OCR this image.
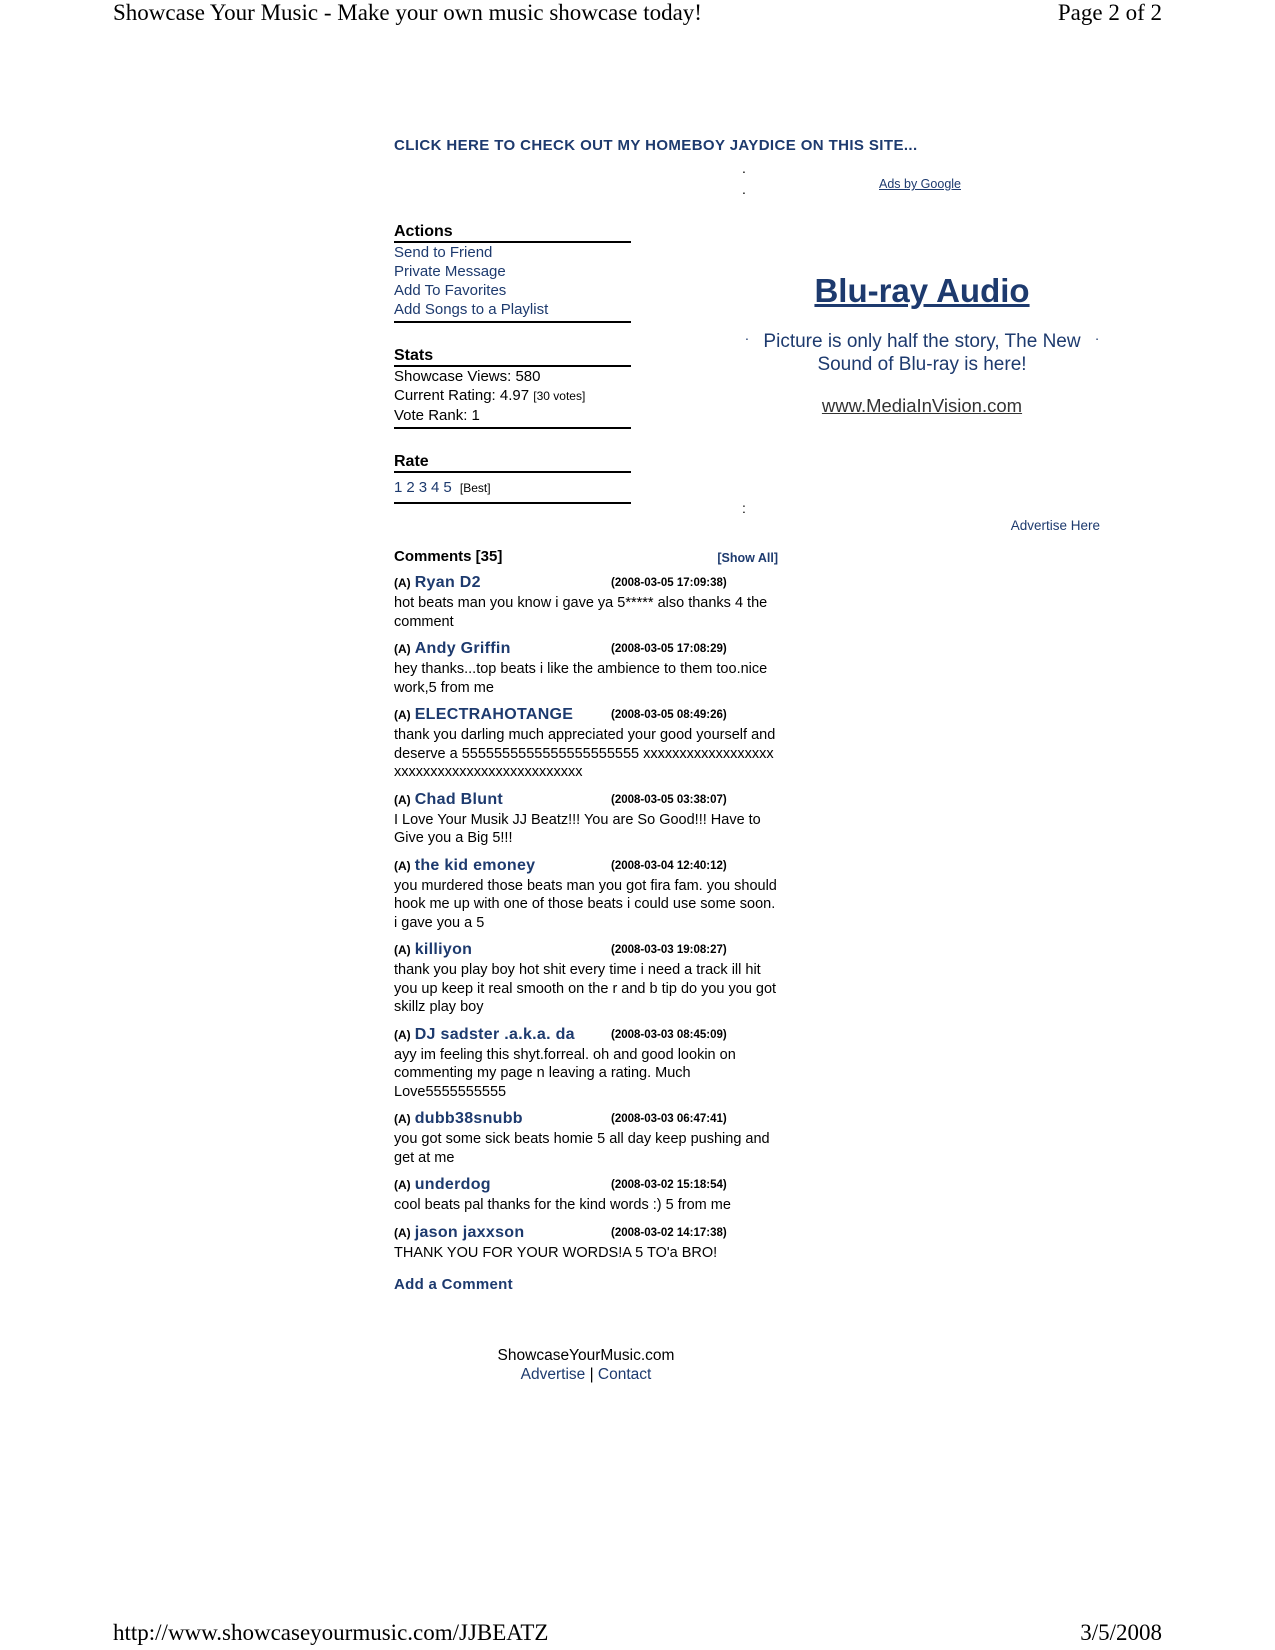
Showcase Your Music - Make your own music showcase today!	Page 2 of 2
CLICK HERE TO CHECK OUT MY HOMEBOY JAYDICE ON THIS SITE...
.
.	Ads by Google
Actions
Send to Friend
Private Message
Add To Favorites
Add Songs to a Playlist
Stats
Showcase Views: 580
Current Rating: 4.97 [30 votes]
Vote Rank: 1
Rate
1 2 3 4 5 [Best]
Blu-ray Audio
. Picture is only half the story, The New Sound of Blu-ray is here!
.
www.MediaInVision.com
:
Advertise Here
Comments [35]	[Show All]
(A) Ryan D2	(2008-03-05 17:09:38)
hot beats man you know i gave ya 5***** also thanks 4 the comment
(A) Andy Griffin	(2008-03-05 17:08:29)
hey thanks...top beats i like the ambience to them too.nice work,5 from me
(A) ELECTRAHOTANGE	(2008-03-05 08:49:26)
thank you darling much appreciated your good yourself and deserve a 5555555555555555555555 xxxxxxxxxxxxxxxxxx xxxxxxxxxxxxxxxxxxxxxxxxxx
(A) Chad Blunt	(2008-03-05 03:38:07)
I Love Your Musik JJ Beatz!!! You are So Good!!! Have to Give you a Big 5!!!
(A) the kid emoney	(2008-03-04 12:40:12)
you murdered those beats man you got fira fam. you should hook me up with one of those beats i could use some soon. i gave you a 5
(A) killiyon	(2008-03-03 19:08:27)
thank you play boy hot shit every time i need a track ill hit you up keep it real smooth on the r and b tip do you you got skillz play boy
(A) DJ sadster .a.k.a. da	(2008-03-03 08:45:09)
ayy im feeling this shyt.forreal. oh and good lookin on commenting my page n leaving a rating. Much Love5555555555
(A) dubb38snubb	(2008-03-03 06:47:41)
you got some sick beats homie 5 all day keep pushing and get at me
(A) underdog	(2008-03-02 15:18:54)
cool beats pal thanks for the kind words :) 5 from me
(A) jason jaxxson	(2008-03-02 14:17:38)
THANK YOU FOR YOUR WORDS!A 5 TO'a BRO!
Add a Comment
ShowcaseYourMusic.com
Advertise | Contact
http://www.showcaseyourmusic.com/JJBEATZ	3/5/2008
